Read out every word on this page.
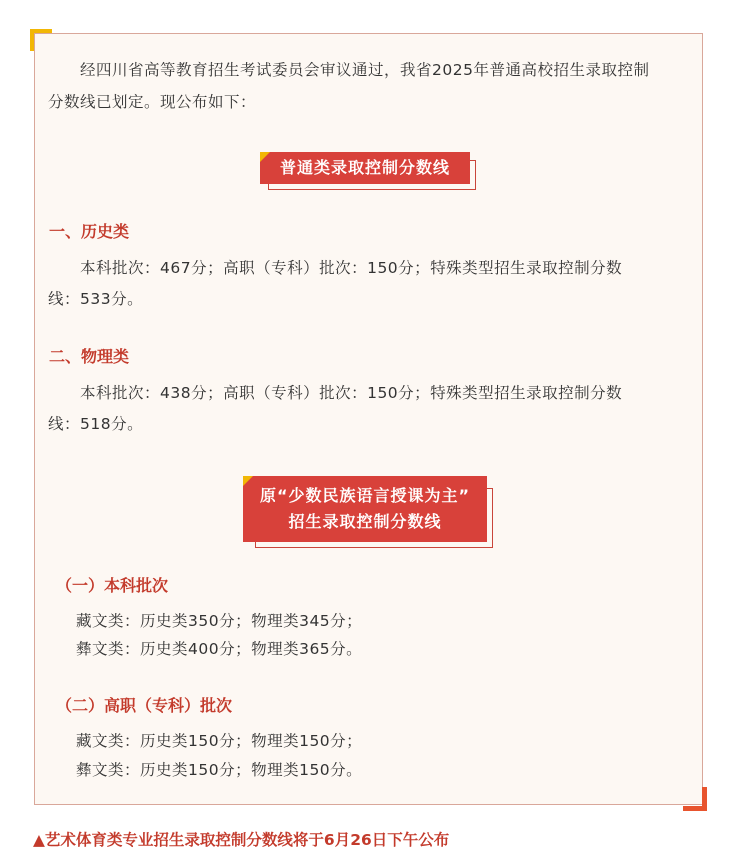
经四川省高等教育招生考试委员会审议通过，我省2025年普通高校招生录取控制
分数线已划定。现公布如下：
普通类录取控制分数线
一、历史类
本科批次：467分；高职（专科）批次：150分；特殊类型招生录取控制分数
线：533分。
二、物理类
本科批次：438分；高职（专科）批次：150分；特殊类型招生录取控制分数
线：518分。
原“少数民族语言授课为主”
招生录取控制分数线
（一）本科批次
藏文类：历史类350分；物理类345分；
彝文类：历史类400分；物理类365分。
（二）高职（专科）批次
藏文类：历史类150分；物理类150分；
彝文类：历史类150分；物理类150分。
▲艺术体育类专业招生录取控制分数线将于6月26日下午公布
